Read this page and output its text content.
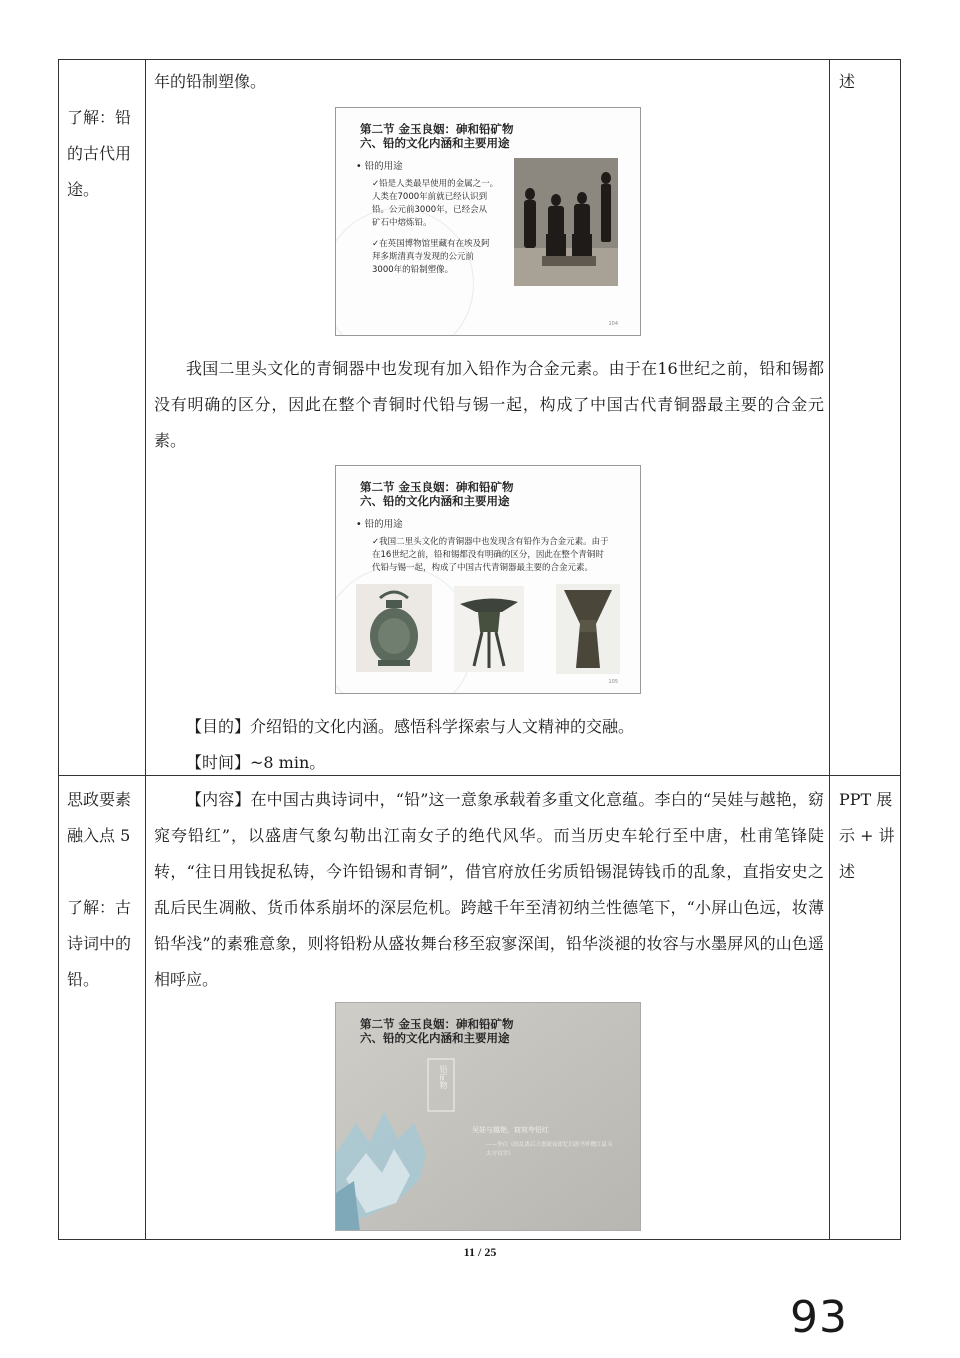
了解：铅
的古代用
途。
述
年的铅制塑像。
第二节 金玉良姻：砷和铅矿物
六、铅的文化内涵和主要用途
• 铅的用途
✓铅是人类最早使用的金属之一。
人类在7000年前就已经认识到
铅。公元前3000年，已经会从
矿石中熔炼铅。
✓在英国博物馆里藏有在埃及阿
拜多斯清真寺发现的公元前
3000年的铅制塑像。
104
我国二里头文化的青铜器中也发现有加入铅作为合金元素。由于在16世纪之前，铅和锡都没有明确的区分，因此在整个青铜时代铅与锡一起，构成了中国古代青铜器最主要的合金元素。
第二节 金玉良姻：砷和铅矿物
六、铅的文化内涵和主要用途
• 铅的用途
✓我国二里头文化的青铜器中也发现含有铅作为合金元素。由于
在16世纪之前，铅和锡都没有明确的区分，因此在整个青铜时
代铅与锡一起，构成了中国古代青铜器最主要的合金元素。
105
【目的】介绍铅的文化内涵。感悟科学探索与人文精神的交融。
【时间】~8 min。
思政要素
融入点 5
了解：古
诗词中的
铅。
PPT 展
示 + 讲
述
【内容】在中国古典诗词中，“铅”这一意象承载着多重文化意蕴。李白的“吴娃与越艳，窈窕夸铅红”，以盛唐气象勾勒出江南女子的绝代风华。而当历史车轮行至中唐，杜甫笔锋陡转，“往日用钱捉私铸，今许铅锡和青铜”，借官府放任劣质铅锡混铸钱币的乱象，直指安史之乱后民生凋敝、货币体系崩坏的深层危机。跨越千年至清初纳兰性德笔下，“小屏山色远，妆薄铅华浅”的素雅意象，则将铅粉从盛妆舞台移至寂寥深闺，铅华淡褪的妆容与水墨屏风的山色遥相呼应。
第二节 金玉良姻：砷和铅矿物
六、铅的文化内涵和主要用途
铅矿物
吴娃与越艳，窈窕夸铅红
——李白《经乱离后天恩流夜郎忆旧游书怀赠江夏韦太守良宰》
11 / 25
93
